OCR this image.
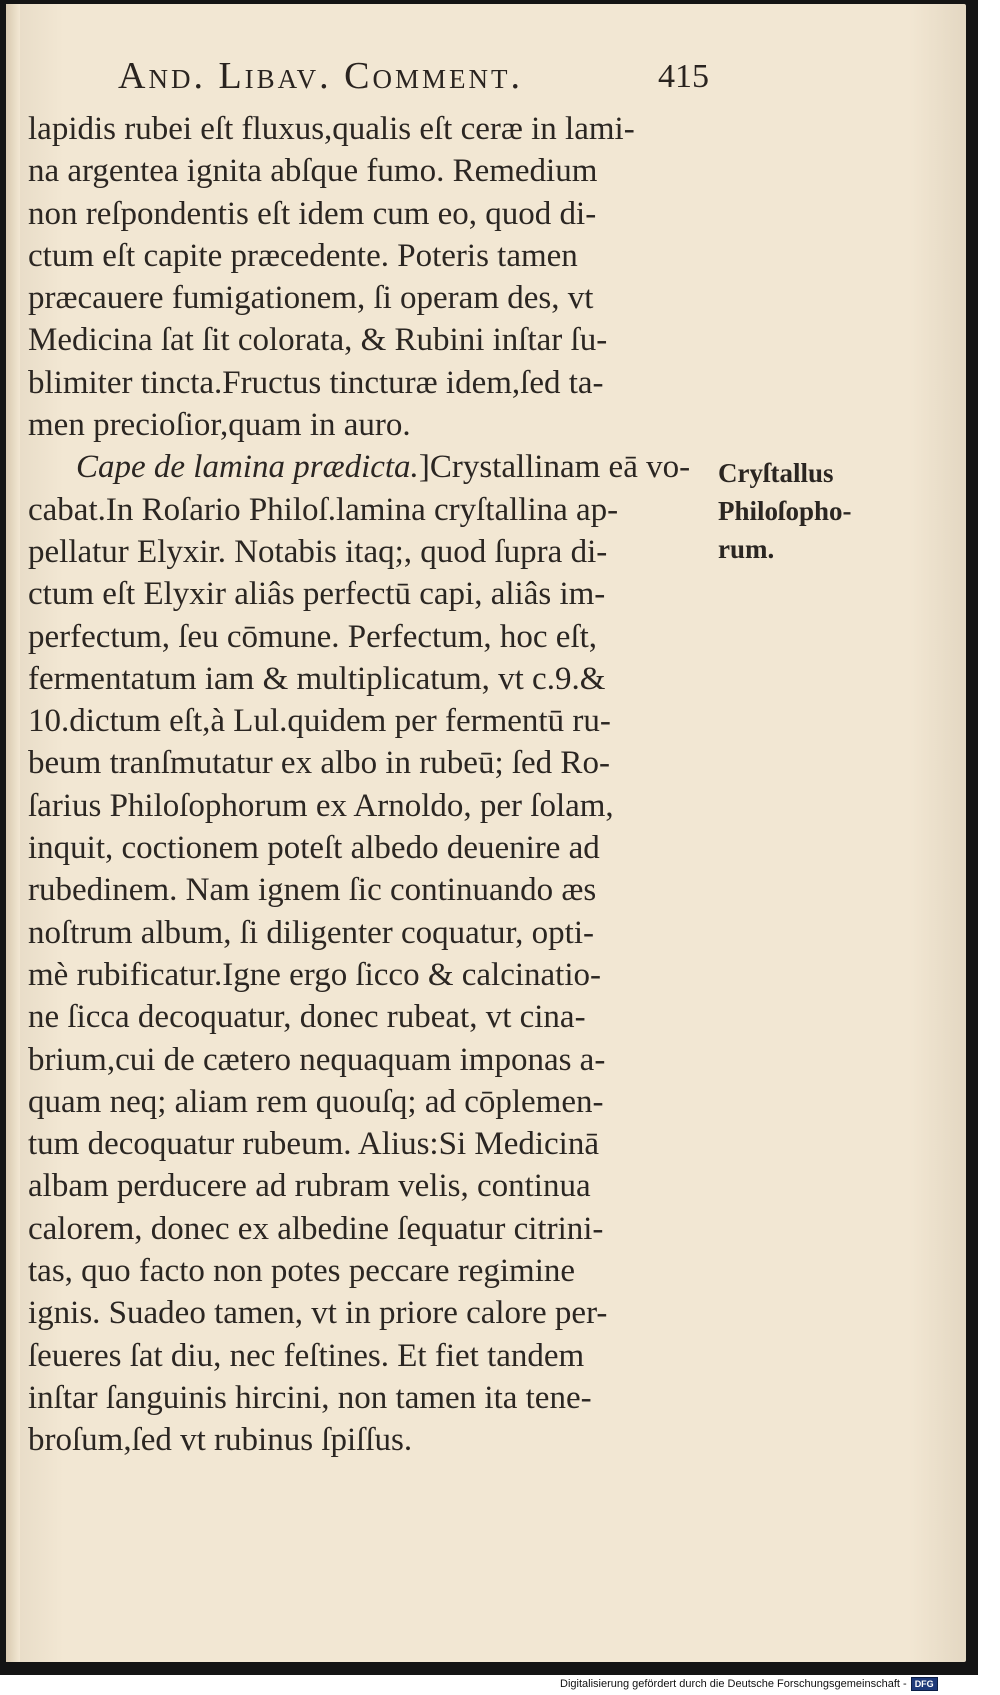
And. Libav. Comment.	415
lapidis rubei eſt fluxus,qualis eſt ceræ in lami-
na argentea ignita abſque fumo. Remedium
non reſpondentis eſt idem cum eo, quod di-
ctum eſt capite præcedente. Poteris tamen
præcauere fumigationem, ſi operam des, vt
Medicina ſat ſit colorata, & Rubini inſtar ſu-
blimiter tincta.Fructus tincturæ idem,ſed ta-
men precioſior,quam in auro.
Cape de lamina prædicta.]Crystallinam eā vo-
cabat.In Roſario Philoſ.lamina cryſtallina ap-
pellatur Elyxir. Notabis itaq;, quod ſupra di-
ctum eſt Elyxir aliâs perfectū capi, aliâs im-
perfectum, ſeu cōmune. Perfectum, hoc eſt,
fermentatum iam & multiplicatum, vt c.9.&
10.dictum eſt,à Lul.quidem per fermentū ru-
beum tranſmutatur ex albo in rubeū; ſed Ro-
ſarius Philoſophorum ex Arnoldo, per ſolam,
inquit, coctionem poteſt albedo deuenire ad
rubedinem. Nam ignem ſic continuando æs
noſtrum album, ſi diligenter coquatur, opti-
mè rubificatur.Igne ergo ſicco & calcinatio-
ne ſicca decoquatur, donec rubeat, vt cina-
brium,cui de cætero nequaquam imponas a-
quam neq; aliam rem quouſq; ad cōplemen-
tum decoquatur rubeum. Alius:Si Medicinā
albam perducere ad rubram velis, continua
calorem, donec ex albedine ſequatur citrini-
tas, quo facto non potes peccare regimine
ignis. Suadeo tamen, vt in priore calore per-
ſeueres ſat diu, nec feſtines. Et fiet tandem
inſtar ſanguinis hircini, non tamen ita tene-
broſum,ſed vt rubinus ſpiſſus.
Cryſtallus
Philoſopho-
rum.
Digitalisierung gefördert durch die Deutsche Forschungsgemeinschaft - DFG
